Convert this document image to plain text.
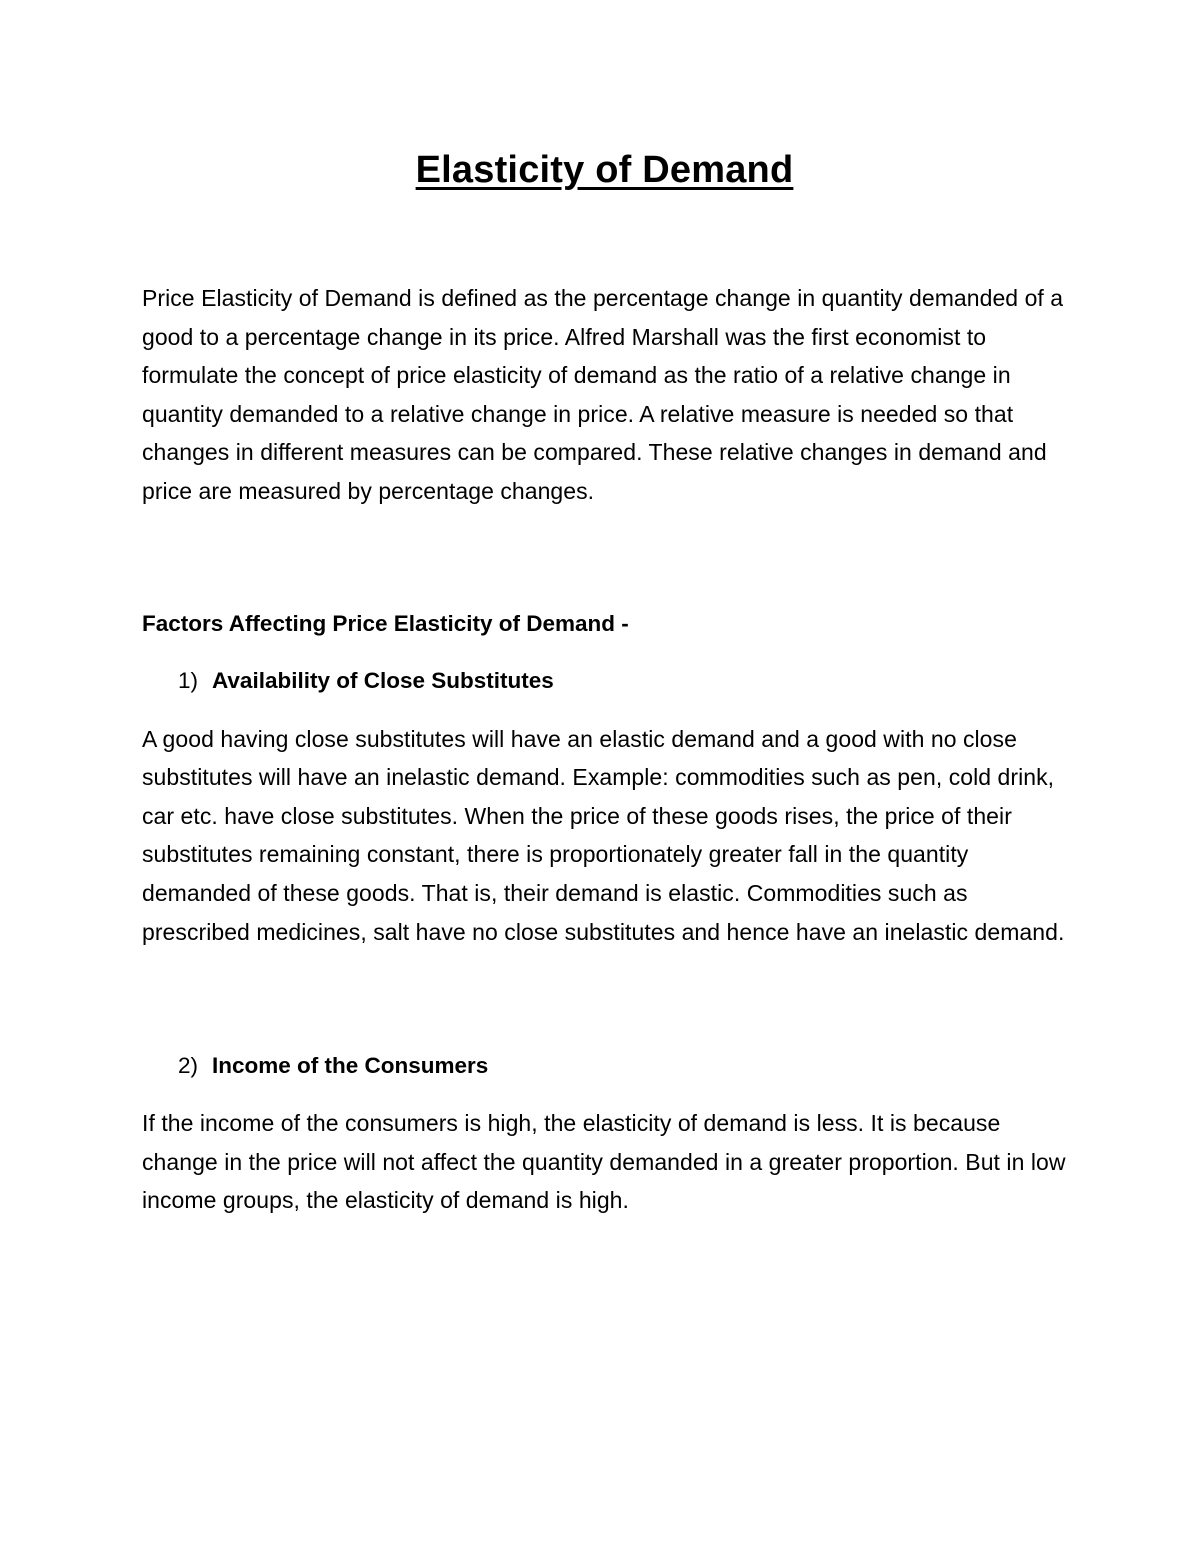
Elasticity of Demand

Price Elasticity of Demand is defined as the percentage change in quantity demanded of a good to a percentage change in its price. Alfred Marshall was the first economist to formulate the concept of price elasticity of demand as the ratio of a relative change in quantity demanded to a relative change in price. A relative measure is needed so that changes in different measures can be compared. These relative changes in demand and price are measured by percentage changes.

Factors Affecting Price Elasticity of Demand -

1) Availability of Close Substitutes

A good having close substitutes will have an elastic demand and a good with no close substitutes will have an inelastic demand. Example: commodities such as pen, cold drink, car etc. have close substitutes. When the price of these goods rises, the price of their substitutes remaining constant, there is proportionately greater fall in the quantity demanded of these goods. That is, their demand is elastic. Commodities such as prescribed medicines, salt have no close substitutes and hence have an inelastic demand.

2) Income of the Consumers

If the income of the consumers is high, the elasticity of demand is less. It is because change in the price will not affect the quantity demanded in a greater proportion. But in low income groups, the elasticity of demand is high.
